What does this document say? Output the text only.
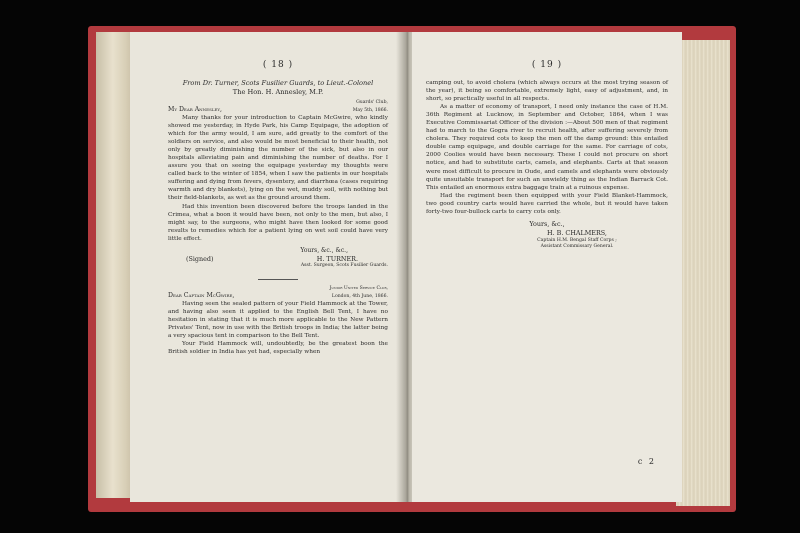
( 18 )
From Dr. Turner, Scots Fusilier Guards, to Lieut.-Colonel
The Hon. H. Annesley, M.P.
Guards' Club,
My Dear Annesley,	May 5th, 1866.

Many thanks for your introduction to Captain McGwire, who kindly showed me yesterday, in Hyde Park, his Camp Equipage, the adoption of which for the army would, I am sure, add greatly to the comfort of the soldiers on service, and also would be most beneficial to their health, not only by greatly diminishing the number of the sick, but also in our hospitals alleviating pain and diminishing the number of deaths. For I assure you that on seeing the equipage yesterday my thoughts were called back to the winter of 1854, when I saw the patients in our hospitals suffering and dying from fevers, dysentery, and diarrhœa (cases requiring warmth and dry blankets), lying on the wet, muddy soil, with nothing but their field-blankets, as wet as the ground around them.

Had this invention been discovered before the troops landed in the Crimea, what a boon it would have been, not only to the men, but also, I might say, to the surgeons, who might have then looked for some good results to remedies which for a patient lying on wet soil could have very little effect.

Yours, &c., &c.,
(Signed)	H. TURNER.
Asst. Surgeon, Scots Fusilier Guards.
Junior United Service Club,
Dear Captain McGwire,	London, 4th June, 1866.

Having seen the sealed pattern of your Field Hammock at the Tower, and having also seen it applied to the English Bell Tent, I have no hesitation in stating that it is much more applicable to the New Pattern Privates' Tent, now in use with the British troops in India; the latter being a very spacious tent in comparison to the Bell Tent.

Your Field Hammock will, undoubtedly, be the greatest boon the British soldier in India has yet had, especially when

( 19 )

camping out, to avoid cholera (which always occurs at the most trying season of the year), it being so comfortable, extremely light, easy of adjustment, and, in short, so practically useful in all respects.

As a matter of economy of transport, I need only instance the case of H.M. 36th Regiment at Lucknow, in September and October, 1864, when I was Executive Commissariat Officer of the division :—About 500 men of that regiment had to march to the Gogra river to recruit health, after suffering severely from cholera. They required cots to keep the men off the damp ground: this entailed double camp equipage, and double carriage for the same. For carriage of cots, 2000 Coolies would have been necessary. These I could not procure on short notice, and had to substitute carts, camels, and elephants. Carts at that season were most difficult to procure in Oude, and camels and elephants were obviously quite unsuitable transport for such an unwieldy thing as the Indian Barrack Cot. This entailed an enormous extra baggage train at a ruinous expense.

Had the regiment been then equipped with your Field Blanket-Hammock, two good country carts would have carried the whole, but it would have taken forty-two four-bullock carts to carry cots only.

Yours, &c.,
H. B. CHALMERS,
Captain H.M. Bengal Staff Corps ;
Assistant Commissary General.
c 2
